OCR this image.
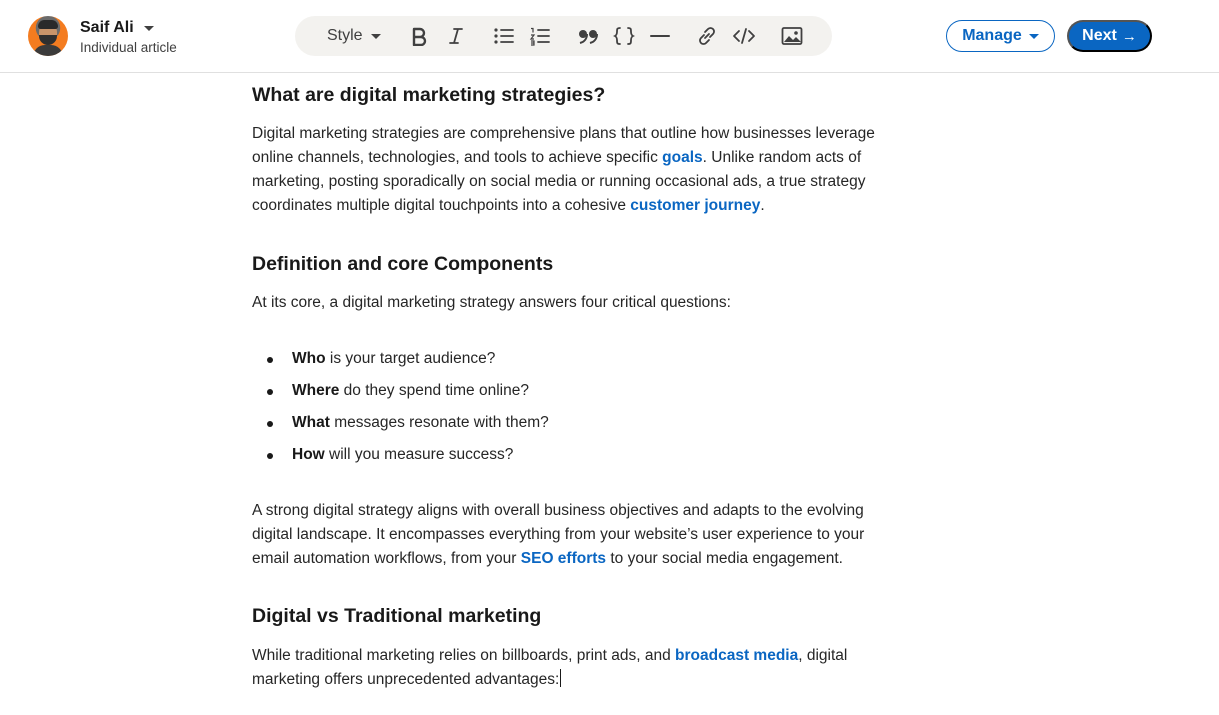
Saif Ali
Individual article
Style	Manage	Next →
What are digital marketing strategies?
Digital marketing strategies are comprehensive plans that outline how businesses leverage
online channels, technologies, and tools to achieve specific goals. Unlike random acts of
marketing, posting sporadically on social media or running occasional ads, a true strategy
coordinates multiple digital touchpoints into a cohesive customer journey.
Definition and core Components
At its core, a digital marketing strategy answers four critical questions:
Who is your target audience?
Where do they spend time online?
What messages resonate with them?
How will you measure success?
A strong digital strategy aligns with overall business objectives and adapts to the evolving
digital landscape. It encompasses everything from your website’s user experience to your
email automation workflows, from your SEO efforts to your social media engagement.
Digital vs Traditional marketing
While traditional marketing relies on billboards, print ads, and broadcast media, digital
marketing offers unprecedented advantages:
